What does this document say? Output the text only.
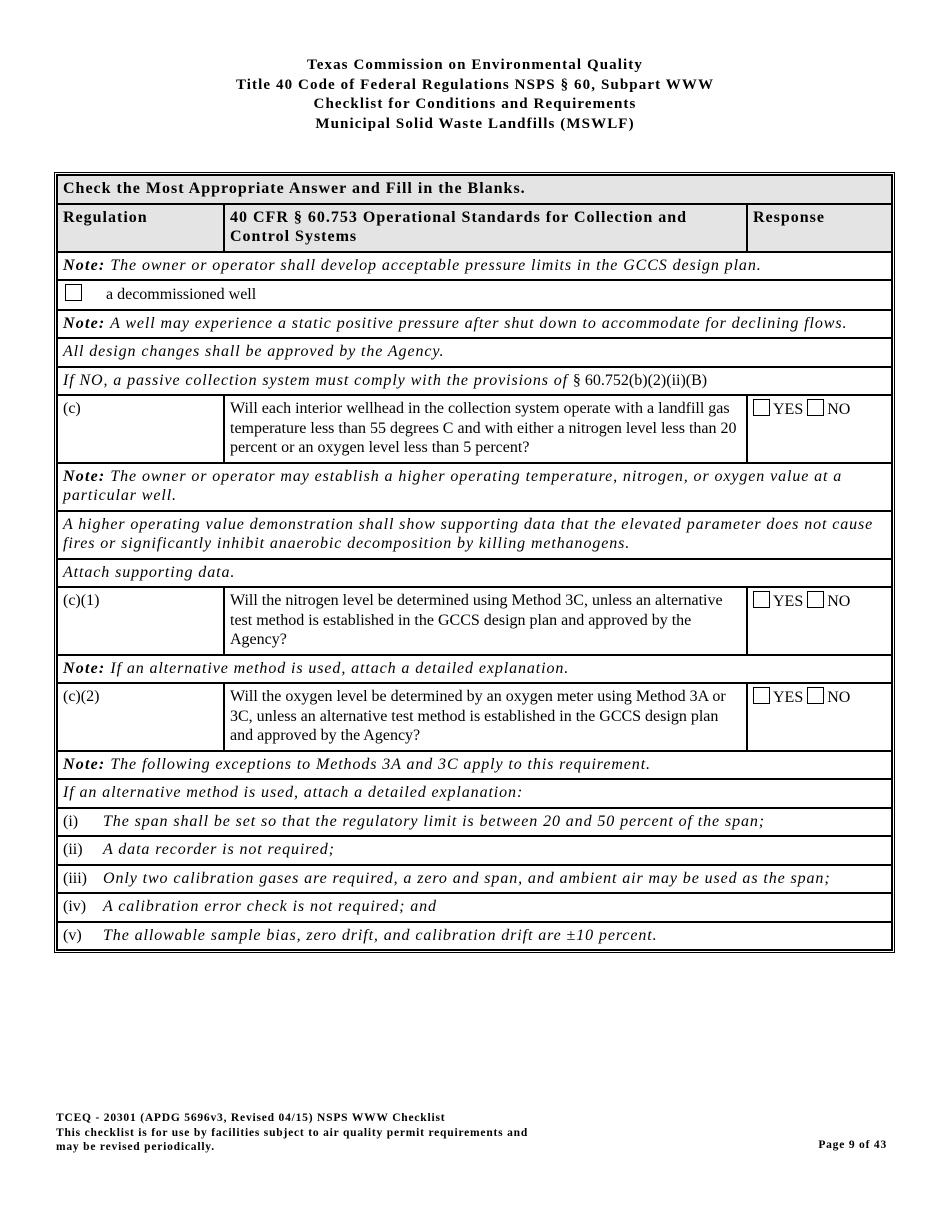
Texas Commission on Environmental Quality
Title 40 Code of Federal Regulations NSPS § 60, Subpart WWW
Checklist for Conditions and Requirements
Municipal Solid Waste Landfills (MSWLF)
Check the Most Appropriate Answer and Fill in the Blanks.		
Regulation	40 CFR § 60.753 Operational Standards for Collection and Control Systems	Response
Note: The owner or operator shall develop acceptable pressure limits in the GCCS design plan.		
a decommissioned well		
Note: A well may experience a static positive pressure after shut down to accommodate for declining flows.		
All design changes shall be approved by the Agency.		
If NO, a passive collection system must comply with the provisions of § 60.752(b)(2)(ii)(B)		
(c)	Will each interior wellhead in the collection system operate with a landfill gas temperature less than 55 degrees C and with either a nitrogen level less than 20 percent or an oxygen level less than 5 percent?	YES NO
Note: The owner or operator may establish a higher operating temperature, nitrogen, or oxygen value at a particular well.		
A higher operating value demonstration shall show supporting data that the elevated parameter does not cause fires or significantly inhibit anaerobic decomposition by killing methanogens.		
Attach supporting data.		
(c)(1)	Will the nitrogen level be determined using Method 3C, unless an alternative test method is established in the GCCS design plan and approved by the Agency?	YES NO
Note: If an alternative method is used, attach a detailed explanation.		
(c)(2)	Will the oxygen level be determined by an oxygen meter using Method 3A or 3C, unless an alternative test method is established in the GCCS design plan and approved by the Agency?	YES NO
Note: The following exceptions to Methods 3A and 3C apply to this requirement.		
If an alternative method is used, attach a detailed explanation:		
(i) The span shall be set so that the regulatory limit is between 20 and 50 percent of the span;		
(ii) A data recorder is not required;		
(iii) Only two calibration gases are required, a zero and span, and ambient air may be used as the span;		
(iv) A calibration error check is not required; and		
(v) The allowable sample bias, zero drift, and calibration drift are ±10 percent.		
TCEQ - 20301 (APDG 5696v3, Revised 04/15) NSPS WWW Checklist
This checklist is for use by facilities subject to air quality permit requirements and
may be revised periodically.	Page 9 of 43
